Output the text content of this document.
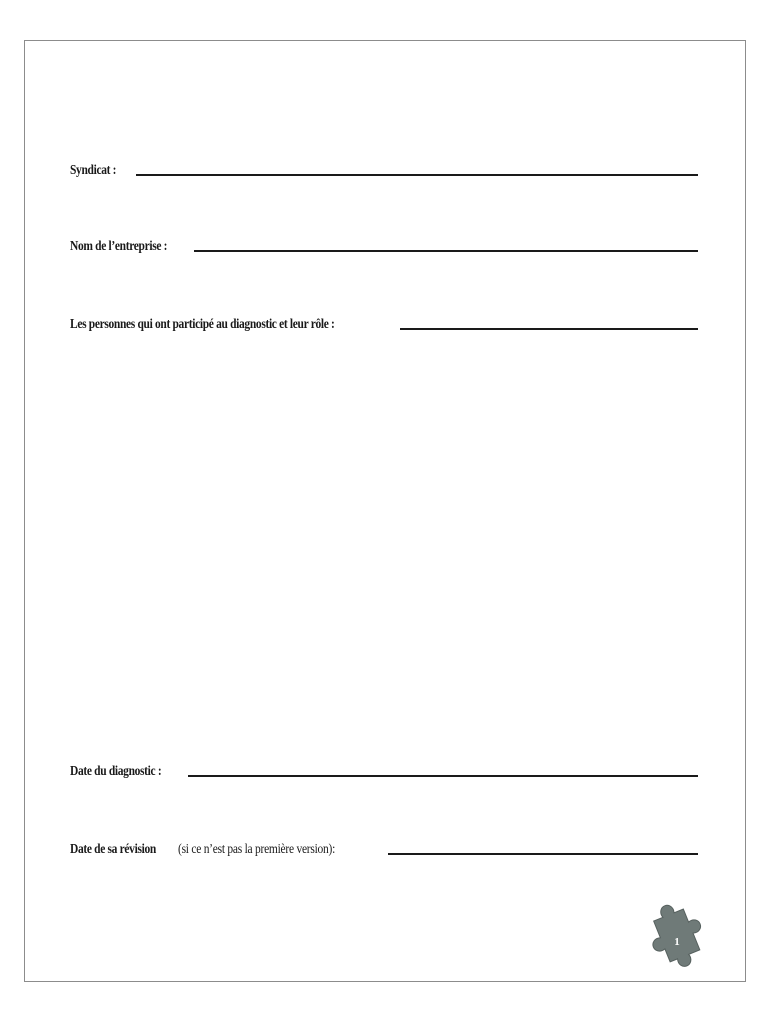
Syndicat :
Nom de l’entreprise :
Les personnes qui ont participé au diagnostic et leur rôle :
Date du diagnostic :
Date de sa révision (si ce n’est pas la première version):
1
